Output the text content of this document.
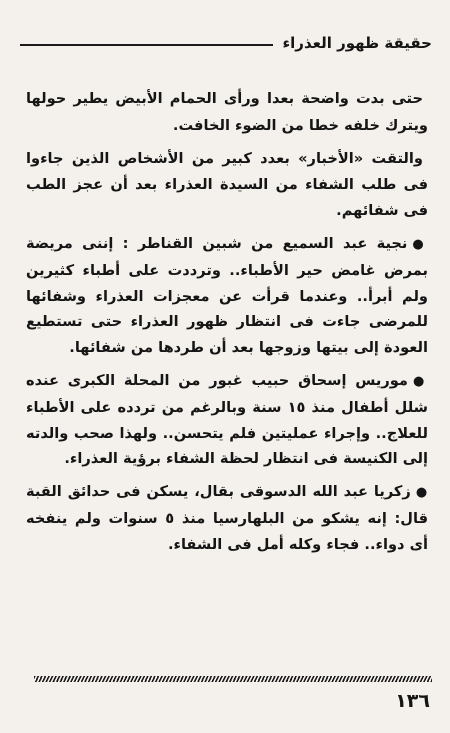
حقيقة ظهور العذراء

حتى بدت واضحة بعدا ورأى الحمام الأبيض يطير حولها ويترك خلفه خطا من الضوء الخافت.

والتقت «الأخبار» بعدد كبير من الأشخاص الذين جاءوا فى طلب الشفاء من السيدة العذراء بعد أن عجز الطب فى شفائهم.

●نجية عبد السميع من شبين القناطر : إننى مريضة بمرض غامض حير الأطباء.. وترددت على أطباء كثيرين ولم أبرأ.. وعندما قرأت عن معجزات العذراء وشفائها للمرضى جاءت فى انتظار ظهور العذراء حتى تستطيع العودة إلى بيتها وزوجها بعد أن طردها من شفائها.

●موريس إسحاق حبيب غبور من المحلة الكبرى عنده شلل أطفال منذ ١٥ سنة وبالرغم من تردده على الأطباء للعلاج.. وإجراء عمليتين فلم يتحسن.. ولهذا صحب والدته إلى الكنيسة فى انتظار لحظة الشفاء برؤية العذراء.

●زكريا عبد الله الدسوقى بقال، يسكن فى حدائق القبة قال: إنه يشكو من البلهارسيا منذ ٥ سنوات ولم ينفخه أى دواء.. فجاء وكله أمل فى الشفاء.

١٣٦
